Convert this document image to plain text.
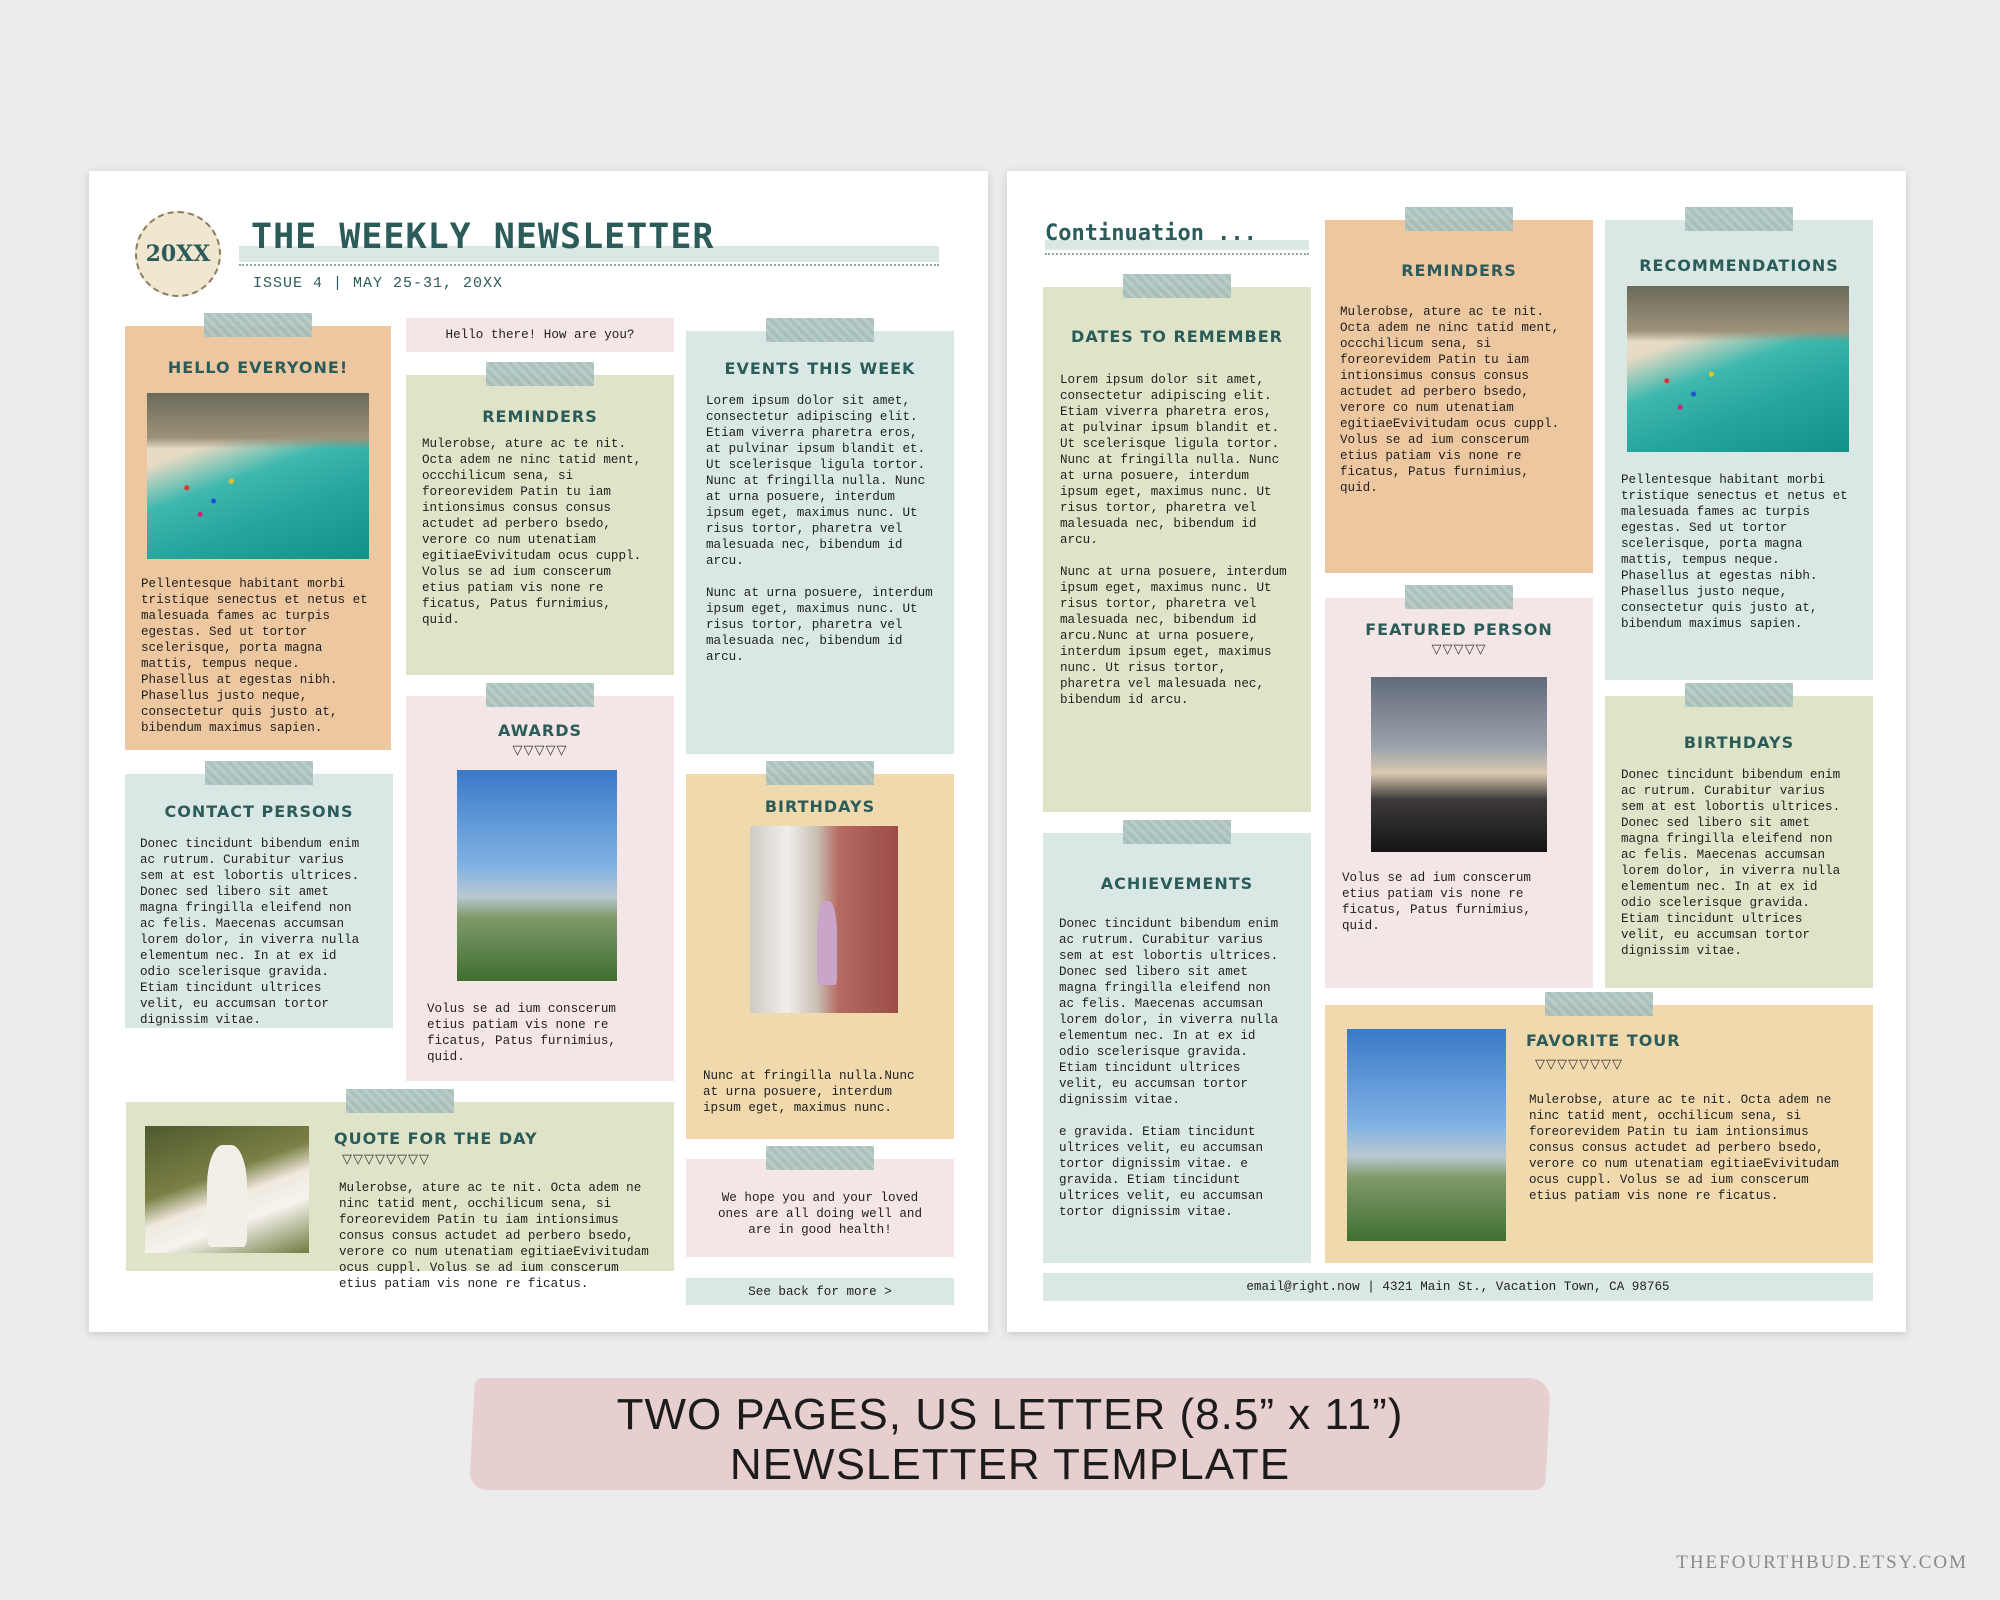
20XX THE WEEKLY NEWSLETTER
ISSUE 4 | MAY 25-31, 20XX
HELLO EVERYONE!
Pellentesque habitant morbi
tristique senectus et netus et
malesuada fames ac turpis
egestas. Sed ut tortor
scelerisque, porta magna
mattis, tempus neque.
Phasellus at egestas nibh.
Phasellus justo neque,
consectetur quis justo at,
bibendum maximus sapien.
Hello there! How are you?
REMINDERS
Mulerobse, ature ac te nit.
Octa adem ne ninc tatid ment,
occchilicum sena, si
foreorevidem Patin tu iam
intionsimus consus consus
actudet ad perbero bsedo,
verore co num utenatiam
egitiaeEvivitudam ocus cuppl.
Volus se ad ium conscerum
etius patiam vis none re
ficatus, Patus furnimius,
quid.
EVENTS THIS WEEK
Lorem ipsum dolor sit amet,
consectetur adipiscing elit.
Etiam viverra pharetra eros,
at pulvinar ipsum blandit et.
Ut scelerisque ligula tortor.
Nunc at fringilla nulla. Nunc
at urna posuere, interdum
ipsum eget, maximus nunc. Ut
risus tortor, pharetra vel
malesuada nec, bibendum id
arcu.

Nunc at urna posuere, interdum
ipsum eget, maximus nunc. Ut
risus tortor, pharetra vel
malesuada nec, bibendum id
arcu.
CONTACT PERSONS
Donec tincidunt bibendum enim
ac rutrum. Curabitur varius
sem at est lobortis ultrices.
Donec sed libero sit amet
magna fringilla eleifend non
ac felis. Maecenas accumsan
lorem dolor, in viverra nulla
elementum nec. In at ex id
odio scelerisque gravida.
Etiam tincidunt ultrices
velit, eu accumsan tortor
dignissim vitae.
AWARDS
▽▽▽▽▽
Volus se ad ium conscerum
etius patiam vis none re
ficatus, Patus furnimius,
quid.
BIRTHDAYS
Nunc at fringilla nulla.Nunc
at urna posuere, interdum
ipsum eget, maximus nunc.
QUOTE FOR THE DAY
▽▽▽▽▽▽▽▽
Mulerobse, ature ac te nit. Octa adem ne
ninc tatid ment, occhilicum sena, si
foreorevidem Patin tu iam intionsimus
consus consus actudet ad perbero bsedo,
verore co num utenatiam egitiaeEvivitudam
ocus cuppl. Volus se ad ium conscerum
etius patiam vis none re ficatus.
We hope you and your loved
ones are all doing well and
are in good health!
See back for more >
Continuation ...
DATES TO REMEMBER
Lorem ipsum dolor sit amet,
consectetur adipiscing elit.
Etiam viverra pharetra eros,
at pulvinar ipsum blandit et.
Ut scelerisque ligula tortor.
Nunc at fringilla nulla. Nunc
at urna posuere, interdum
ipsum eget, maximus nunc. Ut
risus tortor, pharetra vel
malesuada nec, bibendum id
arcu.

Nunc at urna posuere, interdum
ipsum eget, maximus nunc. Ut
risus tortor, pharetra vel
malesuada nec, bibendum id
arcu.Nunc at urna posuere,
interdum ipsum eget, maximus
nunc. Ut risus tortor,
pharetra vel malesuada nec,
bibendum id arcu.
REMINDERS
Mulerobse, ature ac te nit.
Octa adem ne ninc tatid ment,
occchilicum sena, si
foreorevidem Patin tu iam
intionsimus consus consus
actudet ad perbero bsedo,
verore co num utenatiam
egitiaeEvivitudam ocus cuppl.
Volus se ad ium conscerum
etius patiam vis none re
ficatus, Patus furnimius,
quid.
RECOMMENDATIONS
Pellentesque habitant morbi
tristique senectus et netus et
malesuada fames ac turpis
egestas. Sed ut tortor
scelerisque, porta magna
mattis, tempus neque.
Phasellus at egestas nibh.
Phasellus justo neque,
consectetur quis justo at,
bibendum maximus sapien.
FEATURED PERSON
▽▽▽▽▽
Volus se ad ium conscerum
etius patiam vis none re
ficatus, Patus furnimius,
quid.
BIRTHDAYS
Donec tincidunt bibendum enim
ac rutrum. Curabitur varius
sem at est lobortis ultrices.
Donec sed libero sit amet
magna fringilla eleifend non
ac felis. Maecenas accumsan
lorem dolor, in viverra nulla
elementum nec. In at ex id
odio scelerisque gravida.
Etiam tincidunt ultrices
velit, eu accumsan tortor
dignissim vitae.
ACHIEVEMENTS
Donec tincidunt bibendum enim
ac rutrum. Curabitur varius
sem at est lobortis ultrices.
Donec sed libero sit amet
magna fringilla eleifend non
ac felis. Maecenas accumsan
lorem dolor, in viverra nulla
elementum nec. In at ex id
odio scelerisque gravida.
Etiam tincidunt ultrices
velit, eu accumsan tortor
dignissim vitae.

e gravida. Etiam tincidunt
ultrices velit, eu accumsan
tortor dignissim vitae. e
gravida. Etiam tincidunt
ultrices velit, eu accumsan
tortor dignissim vitae.
FAVORITE TOUR
▽▽▽▽▽▽▽▽
Mulerobse, ature ac te nit. Octa adem ne
ninc tatid ment, occhilicum sena, si
foreorevidem Patin tu iam intionsimus
consus consus actudet ad perbero bsedo,
verore co num utenatiam egitiaeEvivitudam
ocus cuppl. Volus se ad ium conscerum
etius patiam vis none re ficatus.
email@right.now | 4321 Main St., Vacation Town, CA 98765
TWO PAGES, US LETTER (8.5” x 11”)
NEWSLETTER TEMPLATE
THEFOURTHBUD.ETSY.COM
